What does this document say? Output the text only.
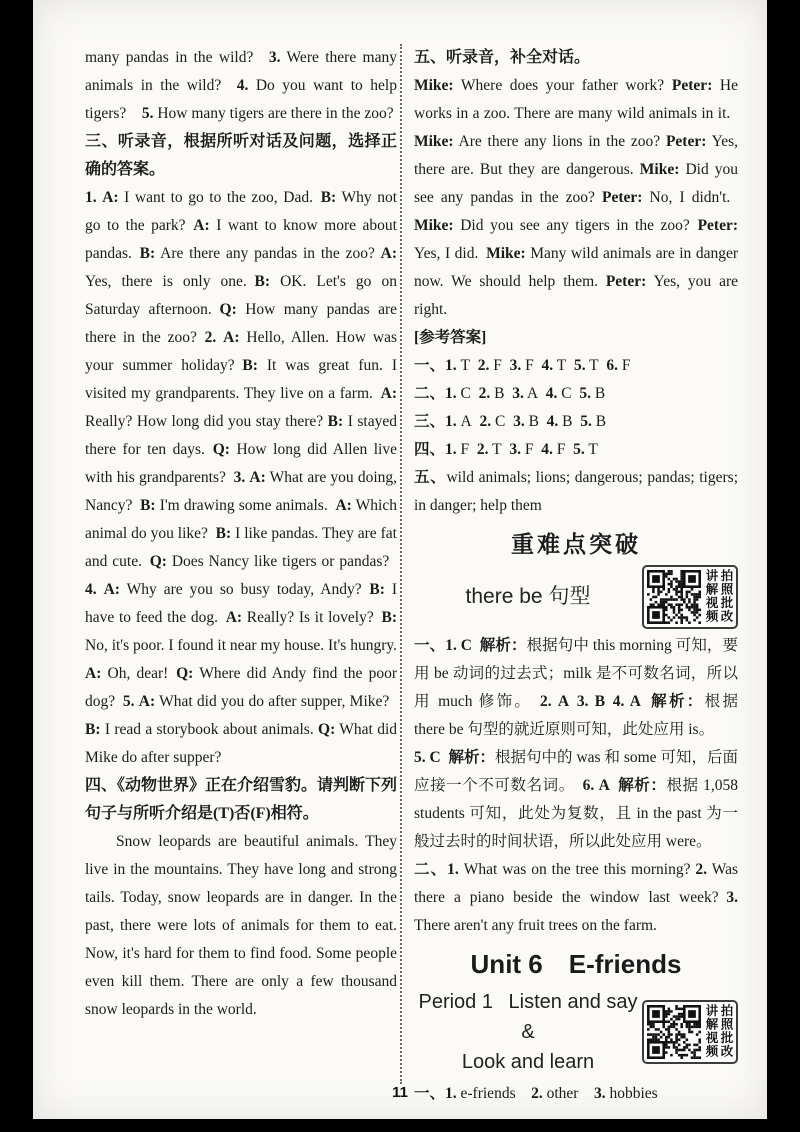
many pandas in the wild?  3. Were there many animals in the wild?  4. Do you want to help tigers?  5. How many tigers are there in the zoo?
三、听录音，根据所听对话及问题，选择正确的答案。
1. A: I want to go to the zoo, Dad. B: Why not go to the park? A: I want to know more about pandas. B: Are there any pandas in the zoo? A: Yes, there is only one. B: OK. Let's go on Saturday afternoon. Q: How many pandas are there in the zoo? 2. A: Hello, Allen. How was your summer holiday? B: It was great fun. I visited my grandparents. They live on a farm. A: Really? How long did you stay there? B: I stayed there for ten days. Q: How long did Allen live with his grandparents? 3. A: What are you doing, Nancy? B: I'm drawing some animals. A: Which animal do you like? B: I like pandas. They are fat and cute. Q: Does Nancy like tigers or pandas? 4. A: Why are you so busy today, Andy? B: I have to feed the dog. A: Really? Is it lovely? B: No, it's poor. I found it near my house. It's hungry. A: Oh, dear! Q: Where did Andy find the poor dog? 5. A: What did you do after supper, Mike? B: I read a storybook about animals. Q: What did Mike do after supper?
四、《动物世界》正在介绍雪豹。请判断下列句子与所听介绍是(T)否(F)相符。
Snow leopards are beautiful animals. They live in the mountains. They have long and strong tails. Today, snow leopards are in danger. In the past, there were lots of animals for them to eat. Now, it's hard for them to find food. Some people even kill them. There are only a few thousand snow leopards in the world.
五、听录音，补全对话。
Mike: Where does your father work? Peter: He works in a zoo. There are many wild animals in it. Mike: Are there any lions in the zoo? Peter: Yes, there are. But they are dangerous. Mike: Did you see any pandas in the zoo? Peter: No, I didn't. Mike: Did you see any tigers in the zoo? Peter: Yes, I did. Mike: Many wild animals are in danger now. We should help them. Peter: Yes, you are right.
[参考答案]
一、1. T 2. F 3. F 4. T 5. T 6. F
二、1. C 2. B 3. A 4. C 5. B
三、1. A 2. C 3. B 4. B 5. B
四、1. F 2. T 3. F 4. F 5. T
五、wild animals; lions; dangerous; pandas; tigers; in danger; help them
重难点突破
there be 句型	讲解视频 拍照批改
一、1. C  解析：根据句中 this morning 可知，要用 be 动词的过去式；milk 是不可数名词，所以用 much 修饰。 2. A  3. B  4. A  解析：根据 there be 句型的就近原则可知，此处应用 is。
5. C  解析：根据句中的 was 和 some 可知，后面应接一个不可数名词。 6. A  解析：根据 1,058 students 可知，此处为复数，且 in the past 为一般过去时的时间状语，所以此处应用 were。
二、1. What was on the tree this morning? 2. Was there a piano beside the window last week? 3. There aren't any fruit trees on the farm.
Unit 6  E-friends
Period 1  Listen and say &
Look and learn
讲解视频 拍照批改
一、1. e-friends  2. other  3. hobbies
11
